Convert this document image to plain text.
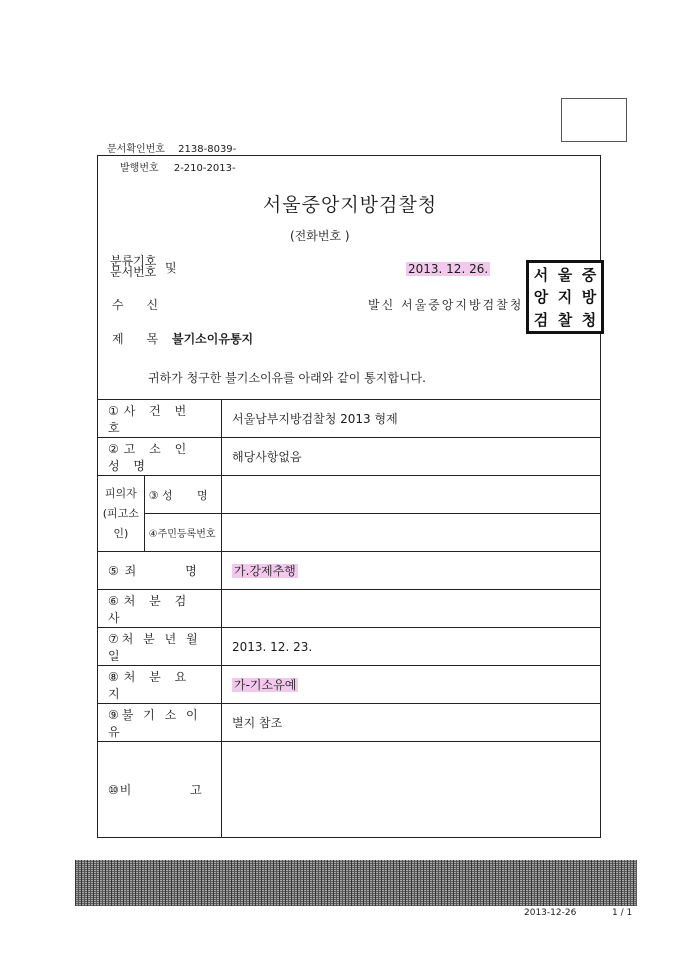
문서확인번호 2138-8039-
발행번호 2-210-2013-
서울중앙지방검찰청
(전화번호 )
분류기호
문서번호 및	2013. 12. 26.	서 울 중
앙 지 방
검 찰 청
수      신	발신 서울중앙지방검찰청
제      목 불기소이유통지
귀하가 청구한 불기소이유를 아래와 같이 통지합니다.
①사 건 번 호		서울남부지방검찰청 2013 형제
②고 소 인 성 명		해당사항없음

피의자
(피고소인)	③ 성       명	
	④주민등록번호	
⑤ 죄          명		가.강제추행
⑥처 분 검 사		
⑦처 분 년 월 일		2013. 12. 23.
⑧처 분 요 지		가-기소유예
⑨불 기 소 이 유		별지 참조
⑩비            고		
2013-12-26	1 / 1
